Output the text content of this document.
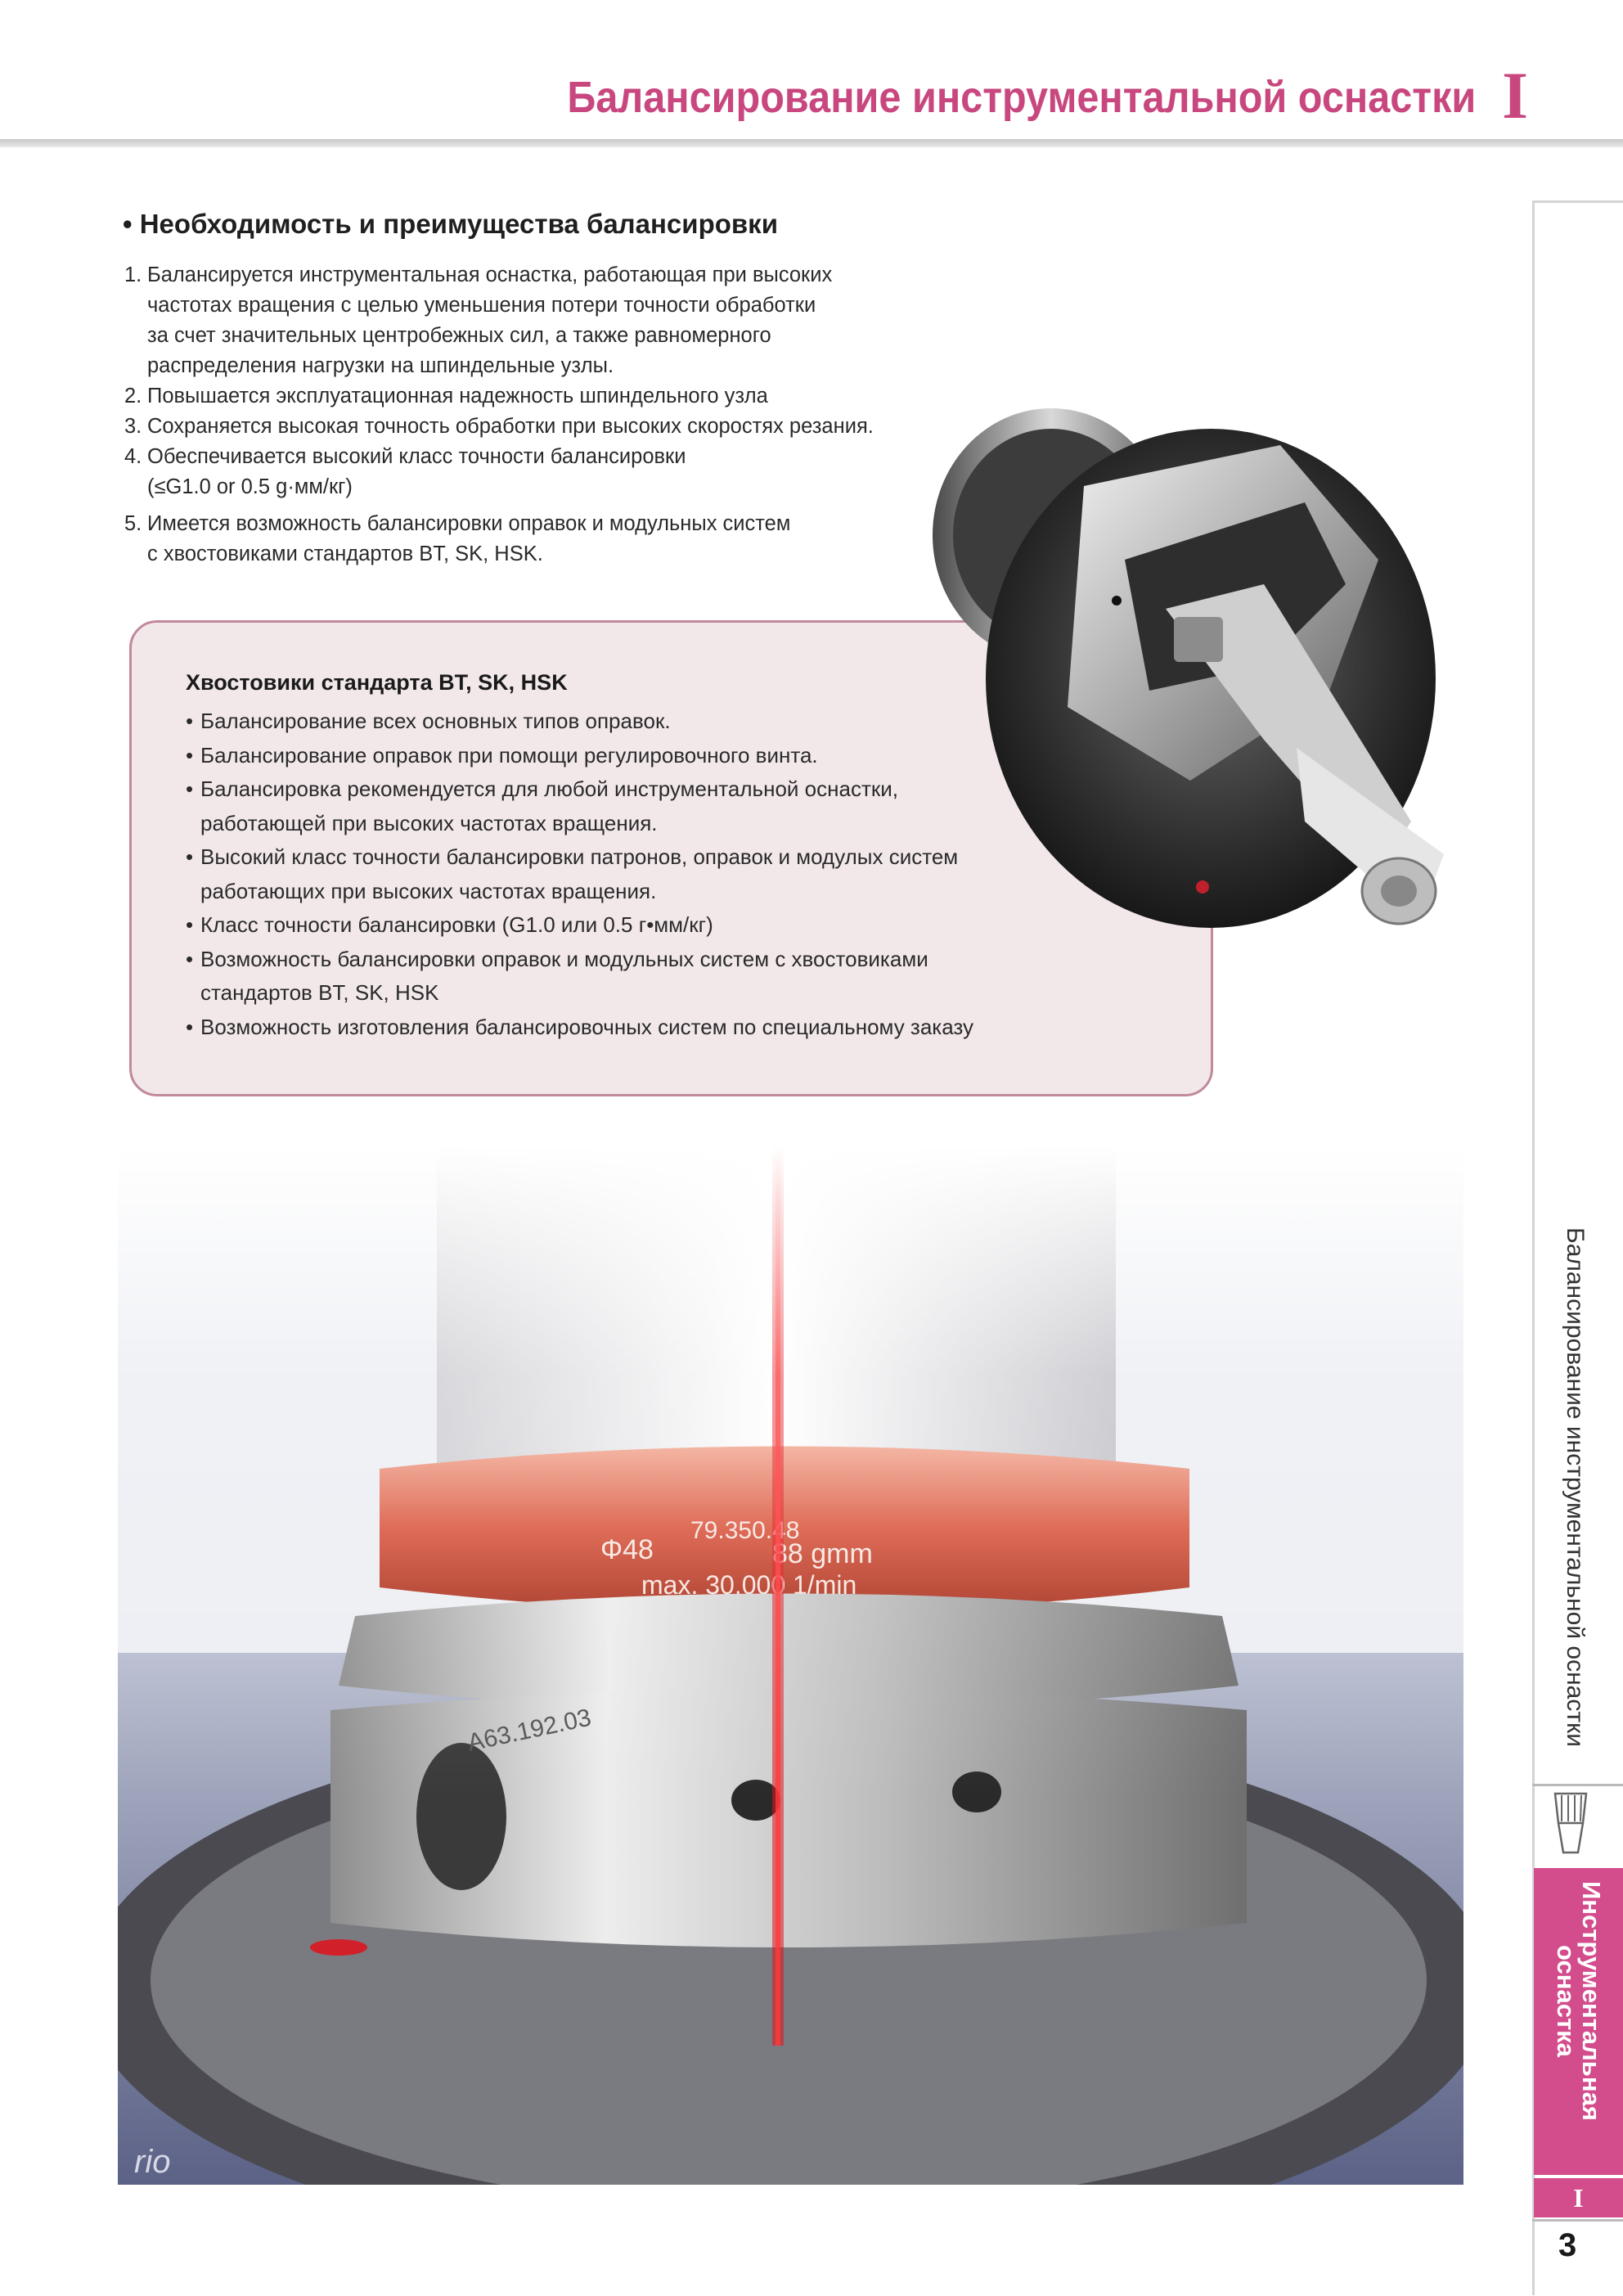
Балансирование инструментальной оснастки I
• Необходимость и преимущества балансировки
1. Балансируется инструментальная оснастка, работающая при высоких
частотах вращения с целью уменьшения потери точности обработки
за счет значительных центробежных сил, а также равномерного
распределения нагрузки на шпиндельные узлы.
2. Повышается эксплуатационная надежность шпиндельного узла
3. Сохраняется высокая точность обработки при высоких скоростях резания.
4. Обеспечивается высокий класс точности балансировки
(≤G1.0 or 0.5 g·мм/кг)
5. Имеется возможность балансировки оправок и модульных систем
с хвостовиками стандартов BT, SK, HSK.
Хвостовики стандарта BT, SK, HSK
• Балансирование всех основных типов оправок.
• Балансирование оправок при помощи регулировочного винта.
• Балансировка рекомендуется для любой инструментальной оснастки,
работающей при высоких частотах вращения.
• Высокий класс точности балансировки патронов, оправок и модулых систем
работающих при высоких частотах вращения.
• Класс точности балансировки (G1.0 или 0.5 г•мм/кг)
• Возможность балансировки оправок и модульных систем с хвостовиками
стандартов BT, SK, HSK
• Возможность изготовления балансировочных систем по специальному заказу
rio
Балансирование инструментальной оснастки
Инструментальная
оснастка
I
3
